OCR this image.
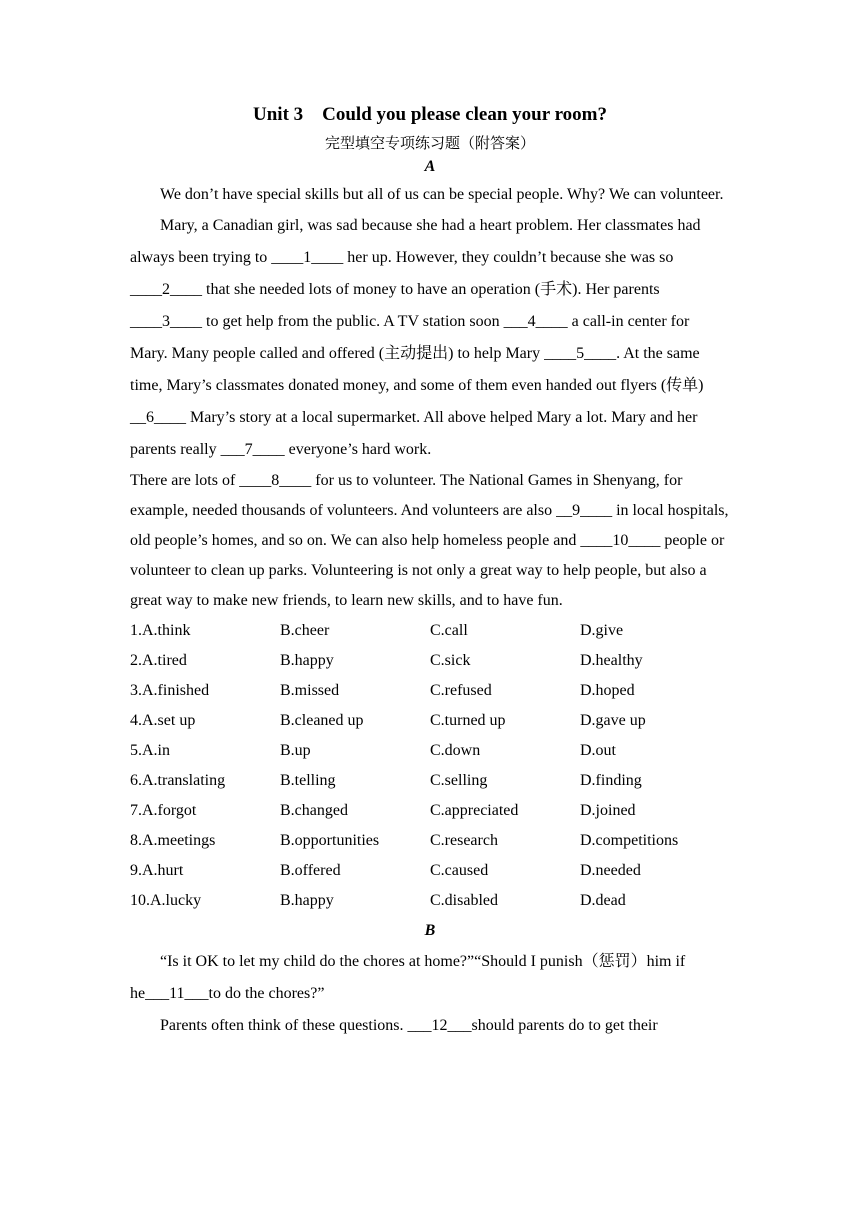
Unit 3    Could you please clean your room?
完型填空专项练习题（附答案）
A

We don’t have special skills but all of us can be special people. Why? We can volunteer.

Mary, a Canadian girl, was sad because she had a heart problem. Her classmates had always been trying to ____1____ her up. However, they couldn’t because she was so ____2____ that she needed lots of money to have an operation (手术). Her parents ____3____ to get help from the public. A TV station soon ___4____ a call-in center for Mary. Many people called and offered (主动提出) to help Mary ____5____. At the same time, Mary’s classmates donated money, and some of them even handed out flyers (传单) __6____ Mary’s story at a local supermarket. All above helped Mary a lot. Mary and her parents really ___7____ everyone’s hard work.

There are lots of ____8____ for us to volunteer. The National Games in Shenyang, for example, needed thousands of volunteers. And volunteers are also __9____ in local hospitals, old people’s homes, and so on. We can also help homeless people and ____10____ people or volunteer to clean up parks. Volunteering is not only a great way to help people, but also a great way to make new friends, to learn new skills, and to have fun.

1.A.think	B.cheer	C.call	D.give
2.A.tired	B.happy	C.sick	D.healthy
3.A.finished	B.missed	C.refused	D.hoped
4.A.set up	B.cleaned up	C.turned up	D.gave up
5.A.in	B.up	C.down	D.out
6.A.translating	B.telling	C.selling	D.finding
7.A.forgot	B.changed	C.appreciated	D.joined
8.A.meetings	B.opportunities	C.research	D.competitions
9.A.hurt	B.offered	C.caused	D.needed
10.A.lucky	B.happy	C.disabled	D.dead
B

“Is it OK to let my child do the chores at home?”“Should I punish（惩罚）him if he___11___to do the chores?”

Parents often think of these questions. ___12___should parents do to get their
